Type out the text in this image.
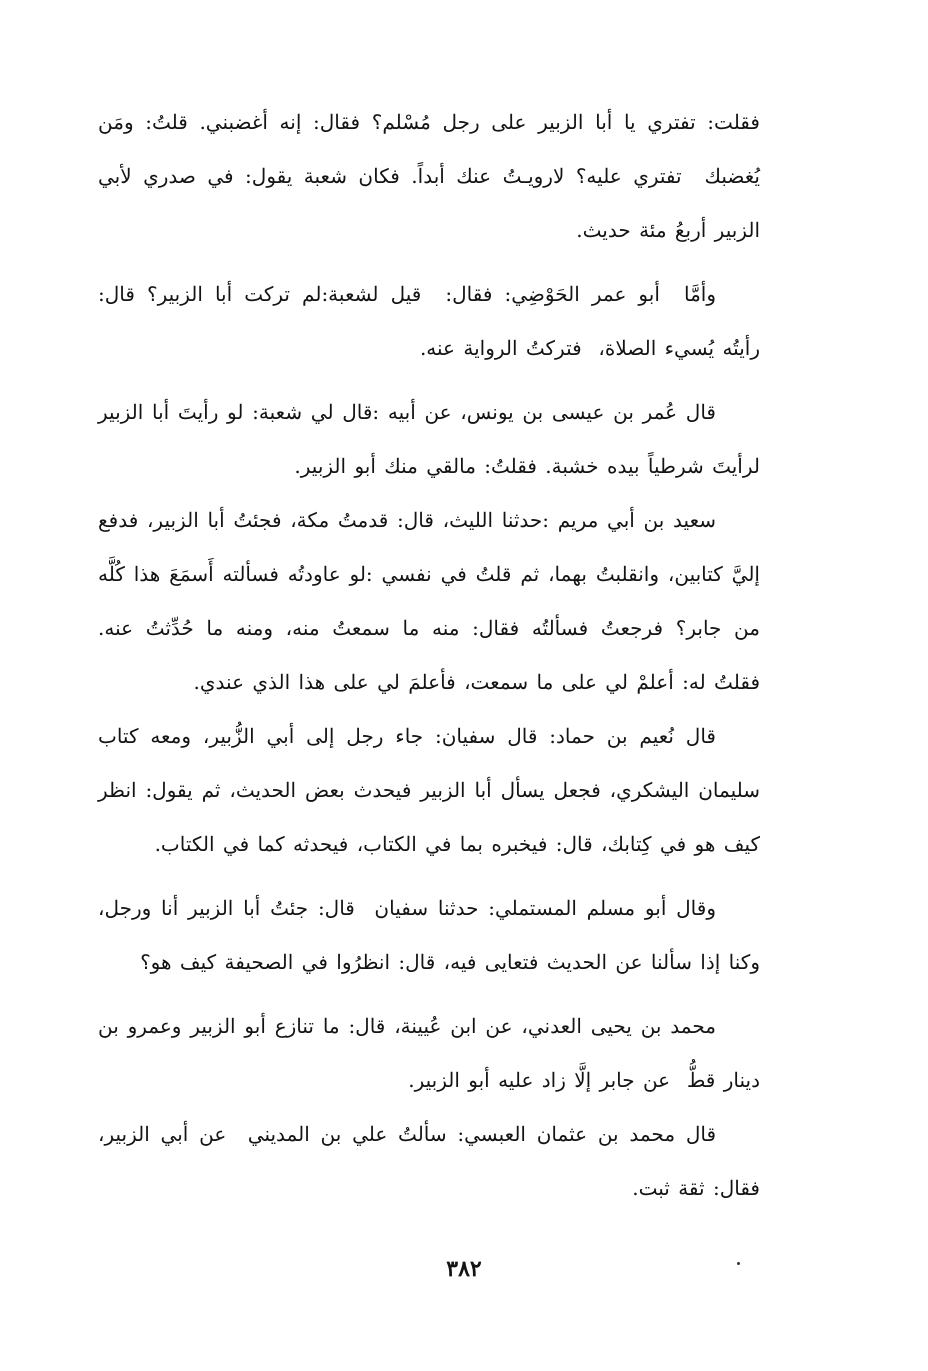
فقلت: تفتري يا أبا الزبير على رجل مُسْلم؟ فقال: إنه أغضبني. قلتُ: ومَن يُغضبك  تفتري عليه؟ لارويـتُ عنك أبداً. فكان شعبة يقول: في صدري لأبي الزبير أربعُ مئة حديث.

وأمَّا  أبو عمر الحَوْضِي: فقال:  قيل لشعبة:لم تركت أبا الزبير؟ قال: رأيتُه يُسيء الصلاة،  فتركتُ الرواية عنه.

قال عُمر بن عيسى بن يونس، عن أبيه :قال لي شعبة: لو رأيتَ أبا الزبير لرأيتَ شرطياً بيده خشبة. فقلتُ: مالقي منك أبو الزبير.

سعيد بن أبي مريم :حدثنا الليث، قال: قدمتُ مكة، فجئتُ أبا الزبير، فدفع إليَّ كتابين، وانقلبتُ بهما، ثم قلتُ في نفسي :لو عاودتُه فسألته أَسمَعَ هذا كُلَّه من جابر؟ فرجعتُ فسألتُه فقال: منه ما سمعتُ منه، ومنه ما حُدِّثتُ عنه. فقلتُ له: أعلمْ لي على ما سمعت، فأعلمَ لي على هذا الذي عندي.

قال نُعيم بن حماد: قال سفيان: جاء رجل إلى أبي الزُّبير، ومعه كتاب سليمان اليشكري، فجعل يسأل أبا الزبير فيحدث بعض الحديث، ثم يقول: انظر كيف هو في كِتابك، قال: فيخبره بما في الكتاب، فيحدثه كما في الكتاب.

وقال أبو مسلم المستملي: حدثنا سفيان  قال: جئتُ أبا الزبير أنا ورجل، وكنا إذا سألنا عن الحديث فتعايى فيه، قال: انظرُوا في الصحيفة كيف هو؟

محمد بن يحيى العدني، عن ابن عُيينة، قال: ما تنازع أبو الزبير وعمرو بن دينار قطُّ  عن جابر إلَّا زاد عليه أبو الزبير.

قال محمد بن عثمان العبسي: سألتُ علي بن المديني  عن أبي الزبير، فقال: ثقة ثبت.

٣٨٢
